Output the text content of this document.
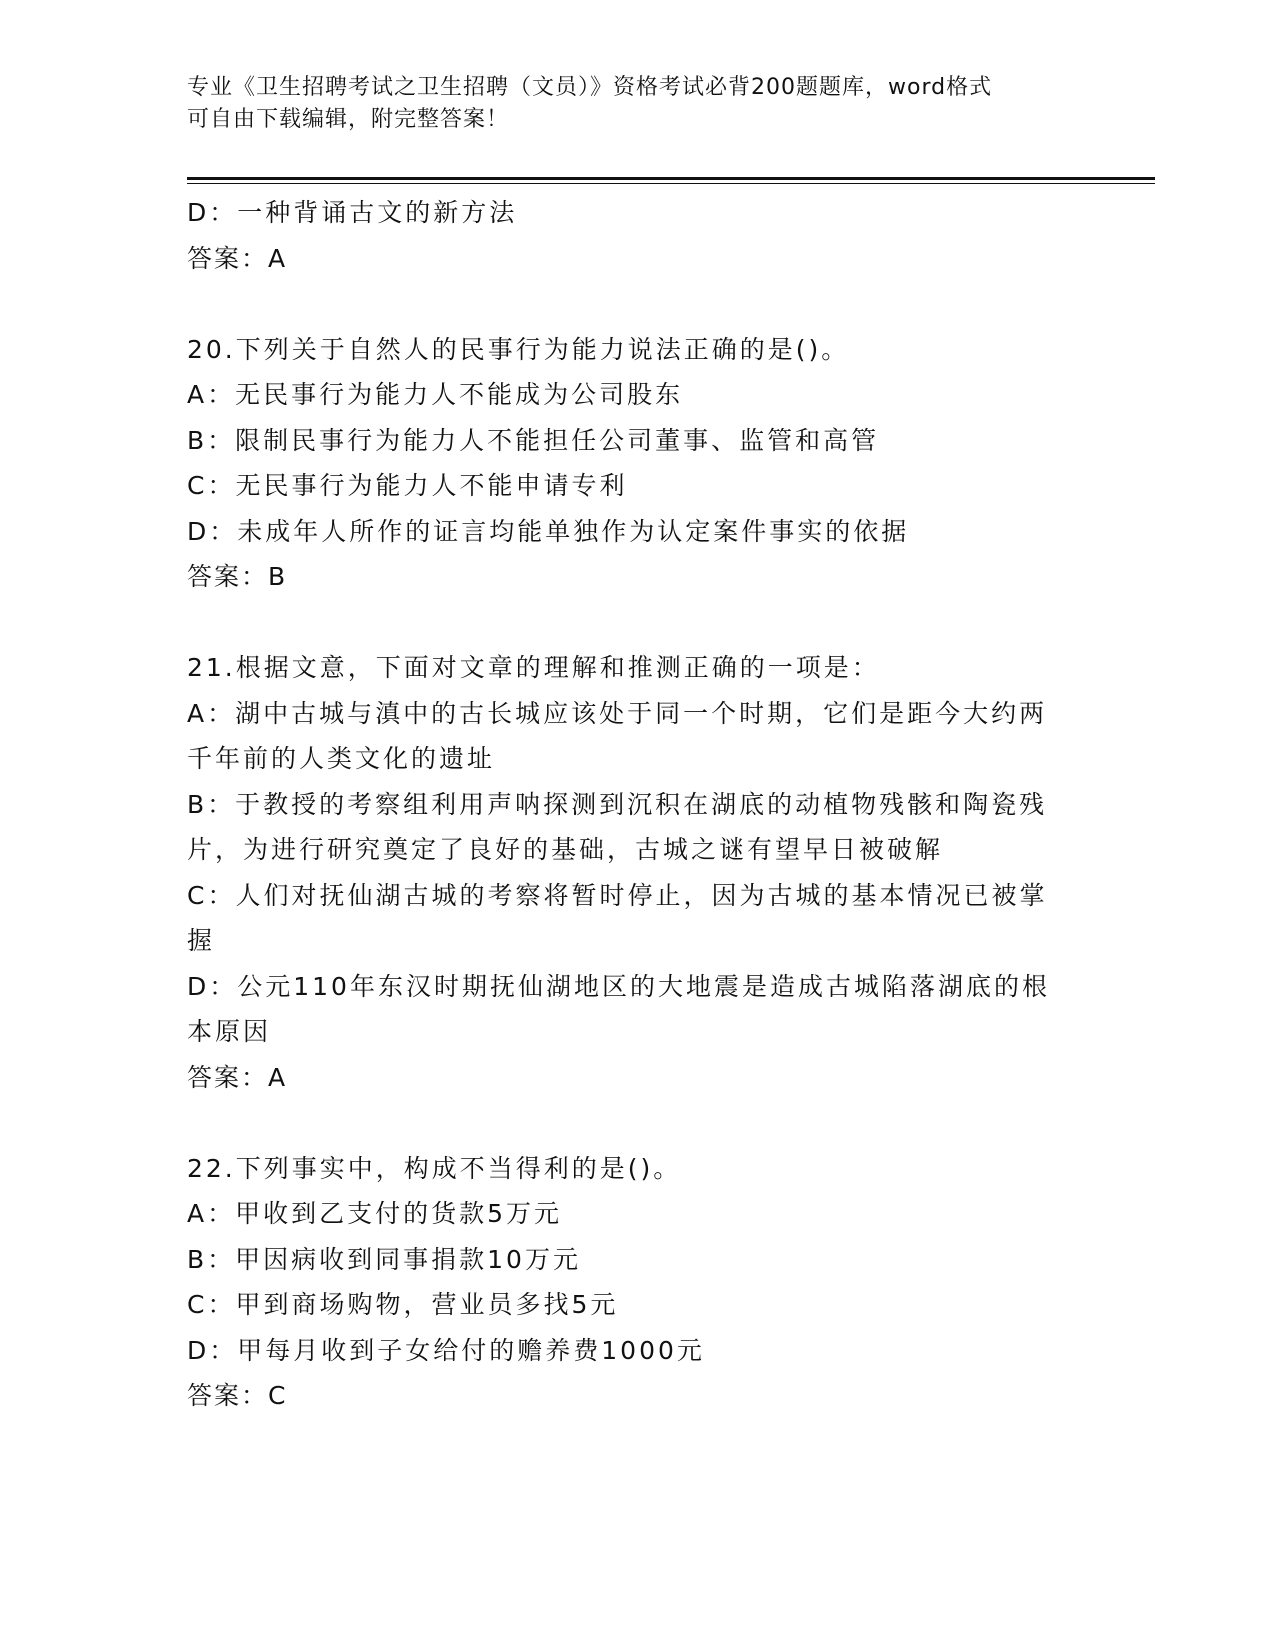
专业《卫生招聘考试之卫生招聘（文员）》资格考试必背200题题库，word格式
可自由下载编辑，附完整答案！
D：一种背诵古文的新方法
答案：A
20.下列关于自然人的民事行为能力说法正确的是()。
A：无民事行为能力人不能成为公司股东
B：限制民事行为能力人不能担任公司董事、监管和高管
C：无民事行为能力人不能申请专利
D：未成年人所作的证言均能单独作为认定案件事实的依据
答案：B
21.根据文意，下面对文章的理解和推测正确的一项是：
A：湖中古城与滇中的古长城应该处于同一个时期，它们是距今大约两
千年前的人类文化的遗址
B：于教授的考察组利用声呐探测到沉积在湖底的动植物残骸和陶瓷残
片，为进行研究奠定了良好的基础，古城之谜有望早日被破解
C：人们对抚仙湖古城的考察将暂时停止，因为古城的基本情况已被掌
握
D：公元110年东汉时期抚仙湖地区的大地震是造成古城陷落湖底的根
本原因
答案：A
22.下列事实中，构成不当得利的是()。
A：甲收到乙支付的货款5万元
B：甲因病收到同事捐款10万元
C：甲到商场购物，营业员多找5元
D：甲每月收到子女给付的赡养费1000元
答案：C
